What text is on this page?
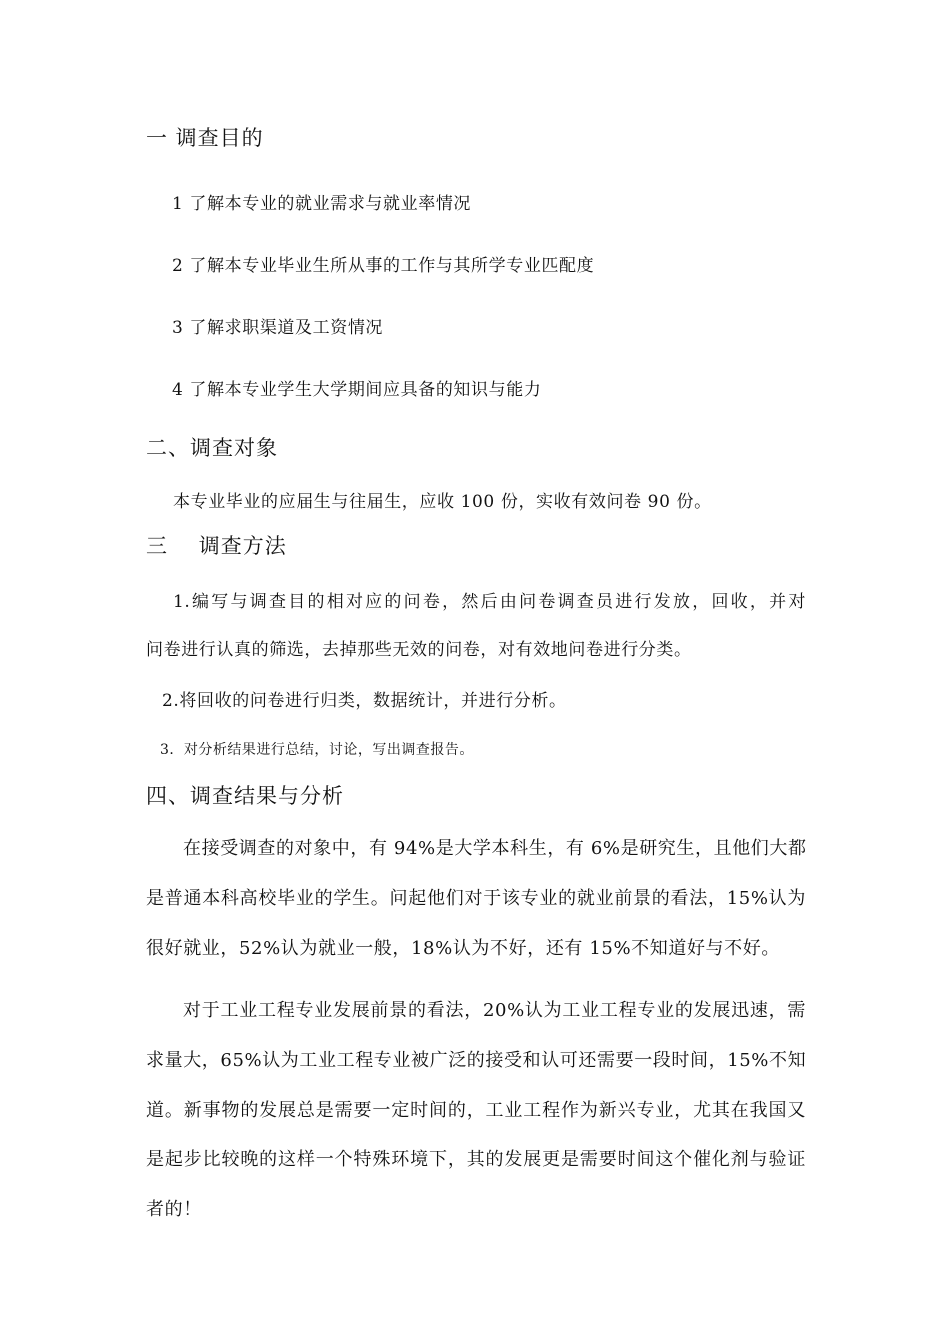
一 调查目的
1 了解本专业的就业需求与就业率情况
2 了解本专业毕业生所从事的工作与其所学专业匹配度
3 了解求职渠道及工资情况
4 了解本专业学生大学期间应具备的知识与能力
二、调查对象
本专业毕业的应届生与往届生，应收 100 份，实收有效问卷 90 份。
三    调查方法
1.编写与调查目的相对应的问卷，然后由问卷调查员进行发放，回收，并对
问卷进行认真的筛选，去掉那些无效的问卷，对有效地问卷进行分类。
2.将回收的问卷进行归类，数据统计，并进行分析。
3．对分析结果进行总结，讨论，写出调查报告。
四、调查结果与分析
在接受调查的对象中，有 94%是大学本科生，有 6%是研究生，且他们大都
是普通本科高校毕业的学生。问起他们对于该专业的就业前景的看法，15%认为
很好就业，52%认为就业一般，18%认为不好，还有 15%不知道好与不好。
对于工业工程专业发展前景的看法，20%认为工业工程专业的发展迅速，需
求量大，65%认为工业工程专业被广泛的接受和认可还需要一段时间，15%不知
道。新事物的发展总是需要一定时间的，工业工程作为新兴专业，尤其在我国又
是起步比较晚的这样一个特殊环境下，其的发展更是需要时间这个催化剂与验证
者的！
